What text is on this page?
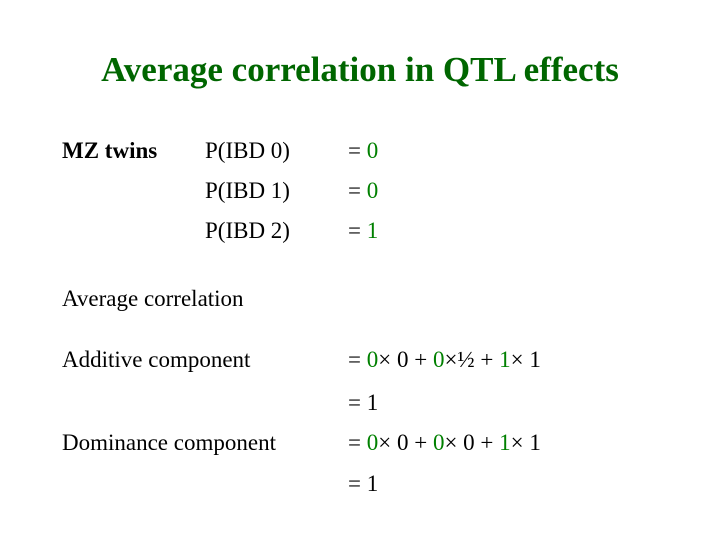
Average correlation in QTL effects
MZ twins P(IBD 0)	= 0
P(IBD 1)	= 0
P(IBD 2)	= 1
Average correlation
Additive component	= 0× 0 + 0×½ + 1× 1
= 1
Dominance component	= 0× 0 + 0× 0 + 1× 1
= 1
